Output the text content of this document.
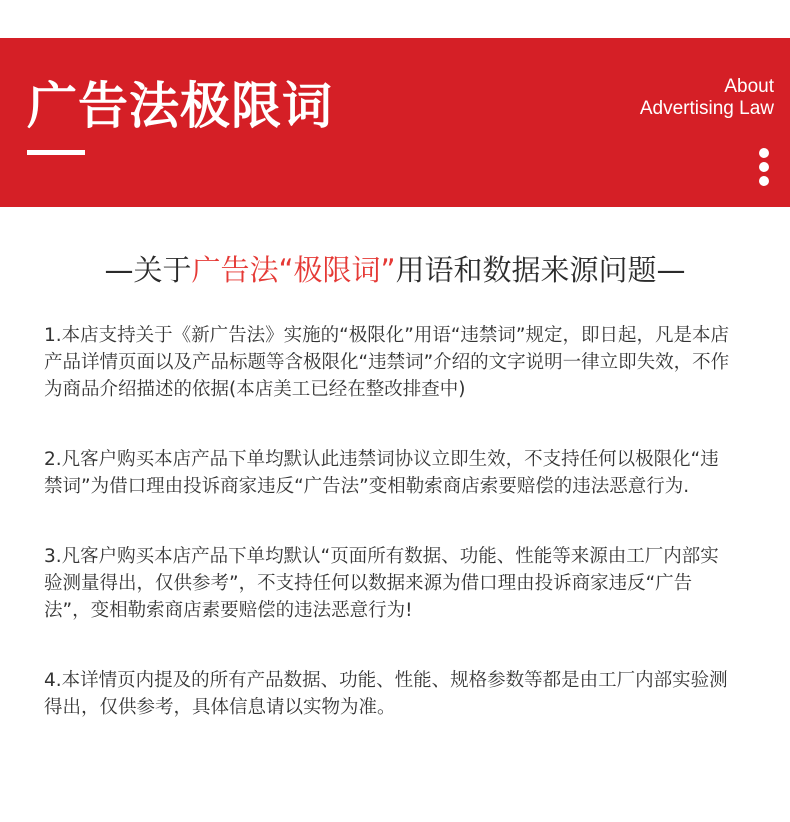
广告法极限词	About
Advertising Law
—关于广告法“极限词”用语和数据来源问题—

1.本店支持关于《新广告法》实施的“极限化”用语“违禁词”规定，即日起，凡是本店产品详情页面以及产品标题等含极限化“违禁词”介绍的文字说明一律立即失效，不作为商品介绍描述的依据(本店美工已经在整改排查中)

2.凡客户购买本店产品下单均默认此违禁词协议立即生效，不支持任何以极限化“违禁词”为借口理由投诉商家违反“广告法”变相勒索商店索要赔偿的违法恶意行为.

3.凡客户购买本店产品下单均默认“页面所有数据、功能、性能等来源由工厂内部实验测量得出，仅供参考”，不支持任何以数据来源为借口理由投诉商家违反“广告法”，变相勒索商店素要赔偿的违法恶意行为!

4.本详情页内提及的所有产品数据、功能、性能、规格参数等都是由工厂内部实验测得出，仅供参考，具体信息请以实物为准。
